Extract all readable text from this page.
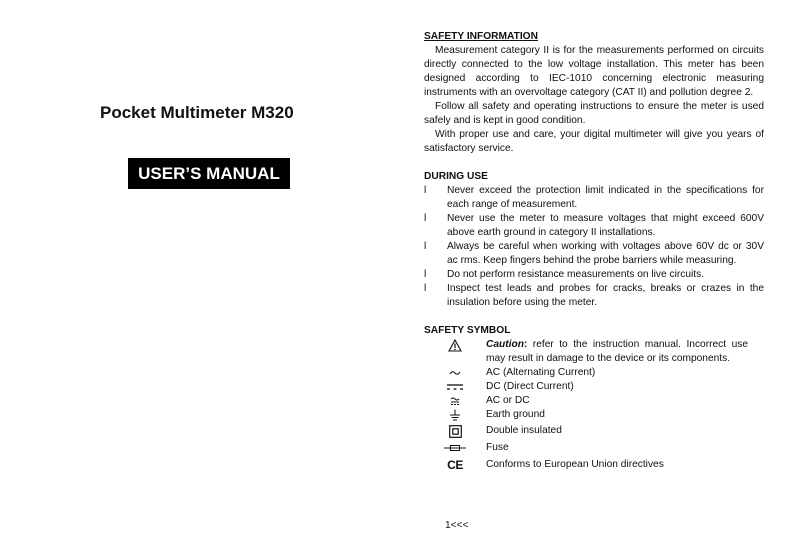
Pocket Multimeter M320
USER’S MANUAL
SAFETY INFORMATION

Measurement category II is for the measurements performed on circuits directly connected to the low voltage installation. This meter has been designed according to IEC-1010 concerning electronic measuring instruments with an overvoltage category (CAT II) and pollution degree 2.

Follow all safety and operating instructions to ensure the meter is used safely and is kept in good condition.

With proper use and care, your digital multimeter will give you years of satisfactory service.

DURING USE
l	Never exceed the protection limit indicated in the specifications for each range of measurement.
l	Never use the meter to measure voltages that might exceed 600V above earth ground in category II installations.
l	Always be careful when working with voltages above 60V dc or 30V ac rms. Keep fingers behind the probe barriers while measuring.
l	Do not perform resistance measurements on live circuits.
l	Inspect test leads and probes for cracks, breaks or crazes in the insulation before using the meter.
SAFETY SYMBOL
Caution: refer to the instruction manual. Incorrect use may result in damage to the device or its components.
AC (Alternating Current)
DC (Direct Current)
AC or DC
Earth ground
Double insulated
Fuse
CE Conforms to European Union directives
1<<<
